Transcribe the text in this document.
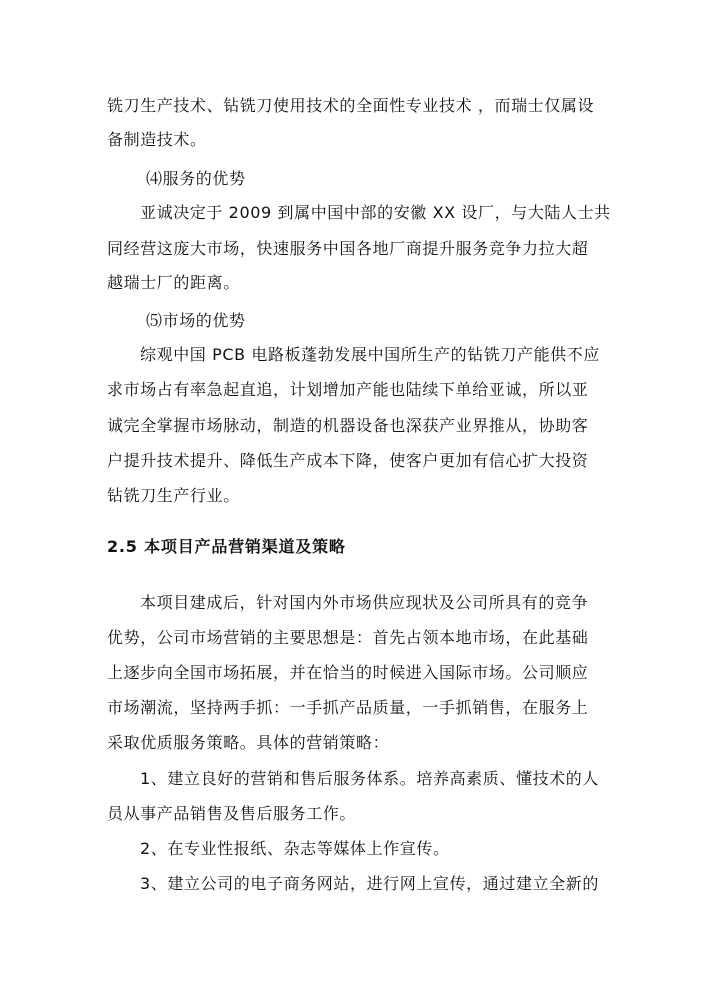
铣刀生产技术、钻铣刀使用技术的全面性专业技术 ，而瑞士仅属设
备制造技术。
⑷服务的优势
亚诚决定于 2009 到属中国中部的安徽 XX 设厂，与大陆人士共
同经营这庞大市场，快速服务中国各地厂商提升服务竞争力拉大超
越瑞士厂的距离。
⑸市场的优势
综观中国 PCB 电路板蓬勃发展中国所生产的钻铣刀产能供不应
求市场占有率急起直追，计划增加产能也陆续下单给亚诚，所以亚
诚完全掌握市场脉动，制造的机器设备也深获产业界推从，协助客
户提升技术提升、降低生产成本下降，使客户更加有信心扩大投资
钻铣刀生产行业。
2.5 本项目产品营销渠道及策略
本项目建成后，针对国内外市场供应现状及公司所具有的竞争
优势，公司市场营销的主要思想是：首先占领本地市场，在此基础
上逐步向全国市场拓展，并在恰当的时候进入国际市场。公司顺应
市场潮流，坚持两手抓：一手抓产品质量，一手抓销售，在服务上
采取优质服务策略。具体的营销策略：
1、建立良好的营销和售后服务体系。培养高素质、懂技术的人
员从事产品销售及售后服务工作。
2、在专业性报纸、杂志等媒体上作宣传。
3、建立公司的电子商务网站，进行网上宣传，通过建立全新的
